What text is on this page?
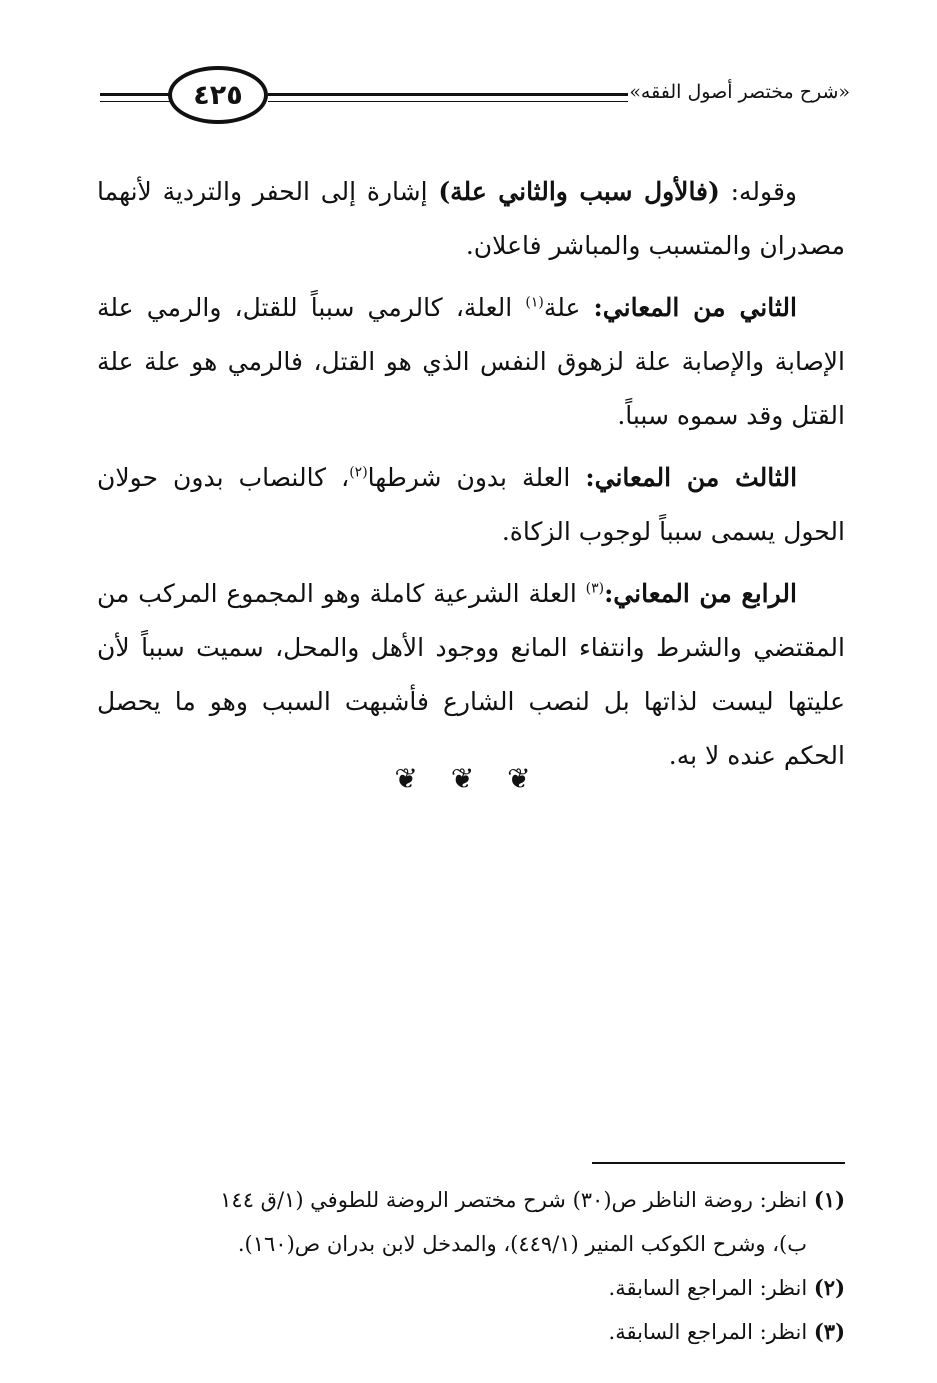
٤٢٥	«شرح مختصر أصول الفقه»

وقوله: (فالأول سبب والثاني علة) إشارة إلى الحفر والتردية لأنهما مصدران والمتسبب والمباشر فاعلان.

الثاني من المعاني: علة$^{(١)}$ العلة، كالرمي سبباً للقتل، والرمي علة الإصابة والإصابة علة لزهوق النفس الذي هو القتل، فالرمي هو علة علة القتل وقد سموه سبباً.

الثالث من المعاني: العلة بدون شرطها$^{(٢)}$، كالنصاب بدون حولان الحول يسمى سبباً لوجوب الزكاة.

الرابع من المعاني:$^{(٣)}$ العلة الشرعية كاملة وهو المجموع المركب من المقتضي والشرط وانتفاء المانع ووجود الأهل والمحل، سميت سبباً لأن عليتها ليست لذاتها بل لنصب الشارع فأشبهت السبب وهو ما يحصل الحكم عنده لا به.

❦ ❦ ❦

(١) انظر: روضة الناظر ص(٣٠) شرح مختصر الروضة للطوفي (١/ق ١٤٤

ب)، وشرح الكوكب المنير (٤٤٩/١)، والمدخل لابن بدران ص(١٦٠).

(٢) انظر: المراجع السابقة.

(٣) انظر: المراجع السابقة.
